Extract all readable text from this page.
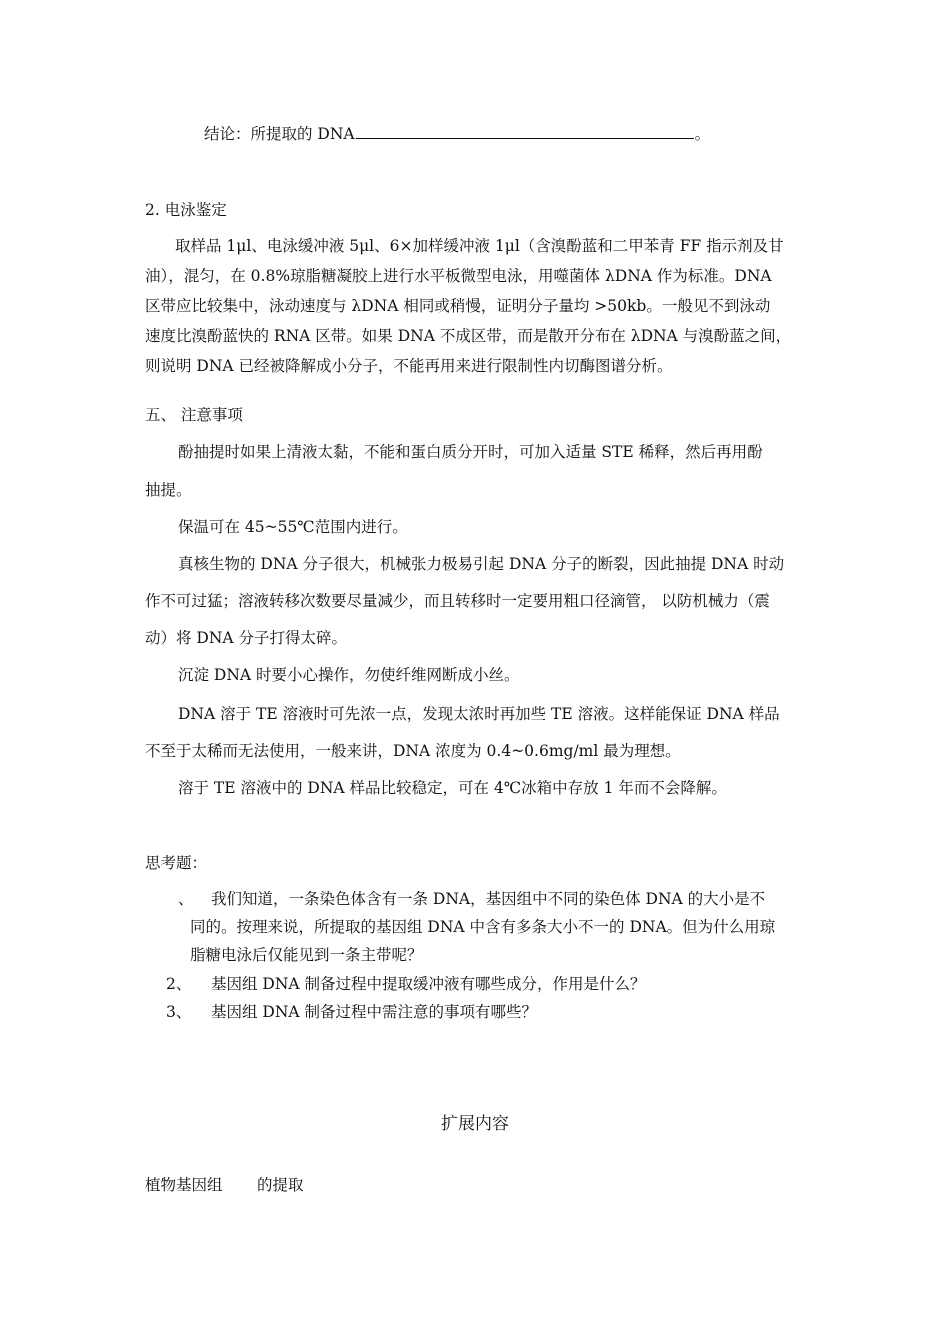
结论：所提取的 DNA	。
2. 电泳鉴定
取样品 1μl、电泳缓冲液 5μl、6×加样缓冲液 1μl（含溴酚蓝和二甲苯青 FF 指示剂及甘
油），混匀，在 0.8%琼脂糖凝胶上进行水平板微型电泳，用噬菌体 λDNA 作为标准。DNA
区带应比较集中，泳动速度与 λDNA 相同或稍慢，证明分子量均 >50kb。一般见不到泳动
速度比溴酚蓝快的 RNA 区带。如果 DNA 不成区带，而是散开分布在 λDNA 与溴酚蓝之间，
则说明 DNA 已经被降解成小分子，不能再用来进行限制性内切酶图谱分析。
五、 注意事项
酚抽提时如果上清液太黏，不能和蛋白质分开时，可加入适量 STE 稀释，然后再用酚
抽提。
保温可在 45~55℃范围内进行。
真核生物的 DNA 分子很大，机械张力极易引起 DNA 分子的断裂，因此抽提 DNA 时动
作不可过猛；溶液转移次数要尽量减少，而且转移时一定要用粗口径滴管， 以防机械力（震
动）将 DNA 分子打得太碎。
沉淀 DNA 时要小心操作，勿使纤维网断成小丝。
DNA 溶于 TE 溶液时可先浓一点，发现太浓时再加些 TE 溶液。这样能保证 DNA 样品
不至于太稀而无法使用，一般来讲，DNA 浓度为 0.4~0.6mg/ml 最为理想。
溶于 TE 溶液中的 DNA 样品比较稳定，可在 4℃冰箱中存放 1 年而不会降解。
思考题：
、 我们知道，一条染色体含有一条 DNA，基因组中不同的染色体 DNA 的大小是不
同的。按理来说，所提取的基因组 DNA 中含有多条大小不一的 DNA。但为什么用琼
脂糖电泳后仅能见到一条主带呢？
2、 基因组 DNA 制备过程中提取缓冲液有哪些成分，作用是什么？
3、 基因组 DNA 制备过程中需注意的事项有哪些？
扩展内容
植物基因组       的提取
